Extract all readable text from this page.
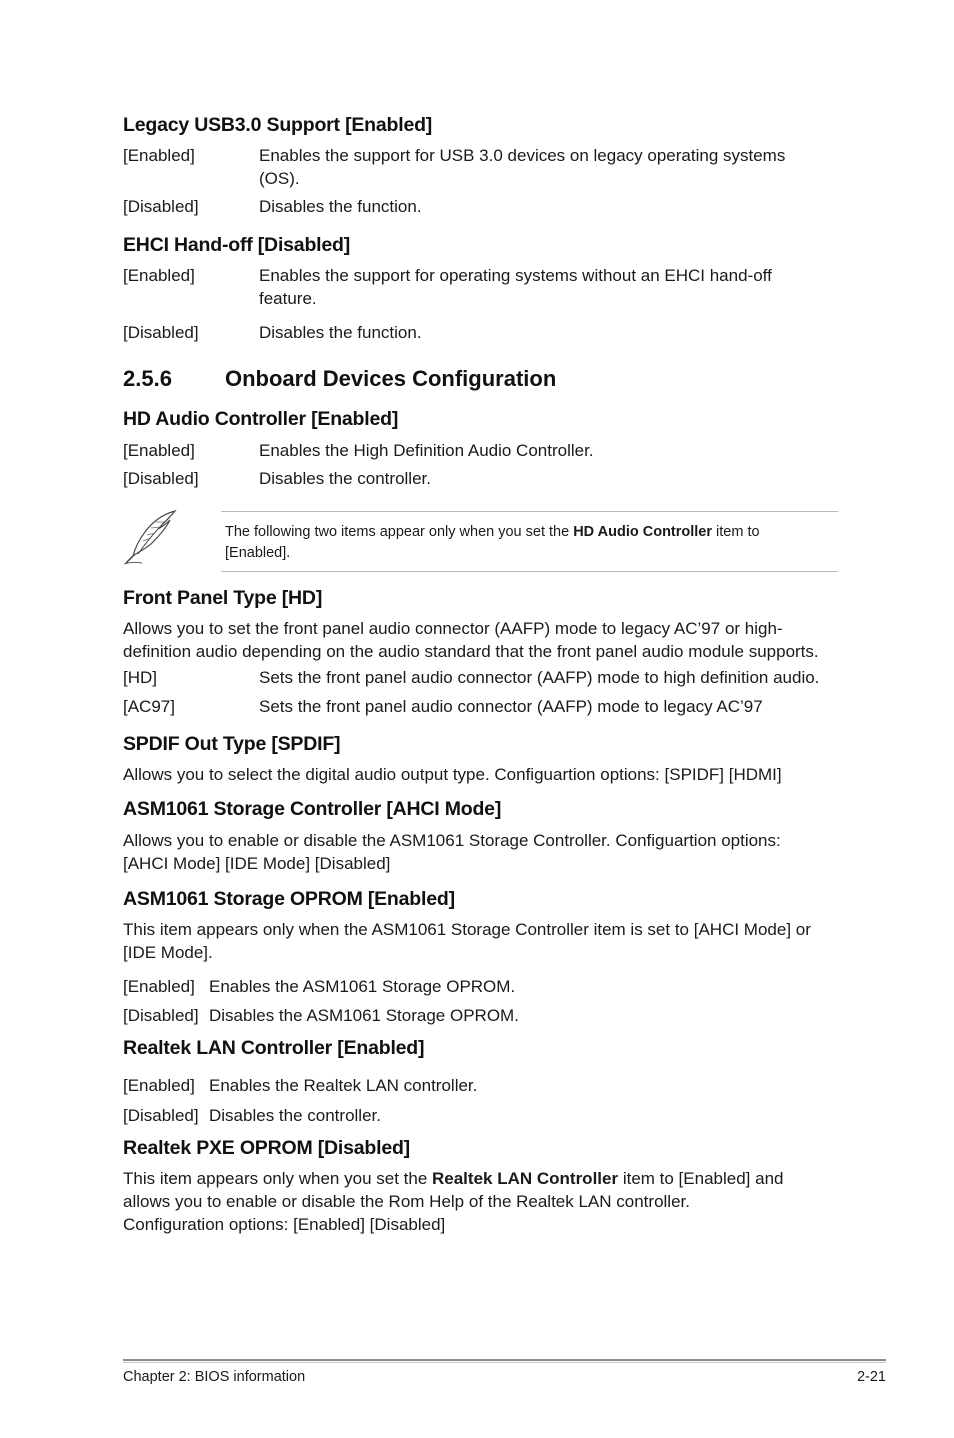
Legacy USB3.0 Support [Enabled]
[Enabled]	Enables the support for USB 3.0 devices on legacy operating systems
(OS).
[Disabled]	Disables the function.
EHCI Hand-off [Disabled]
[Enabled]	Enables the support for operating systems without an EHCI hand-off
feature.
[Disabled]	Disables the function.
2.5.6 Onboard Devices Configuration
HD Audio Controller [Enabled]
[Enabled]	Enables the High Definition Audio Controller.
[Disabled]	Disables the controller.
The following two items appear only when you set the HD Audio Controller item to
[Enabled].
Front Panel Type [HD]
Allows you to set the front panel audio connector (AAFP) mode to legacy AC’97 or high-
definition audio depending on the audio standard that the front panel audio module supports.
[HD]	Sets the front panel audio connector (AAFP) mode to high definition audio.
[AC97]	Sets the front panel audio connector (AAFP) mode to legacy AC’97
SPDIF Out Type [SPDIF]
Allows you to select the digital audio output type. Configuartion options: [SPIDF] [HDMI]
ASM1061 Storage Controller [AHCI Mode]
Allows you to enable or disable the ASM1061 Storage Controller. Configuartion options:
[AHCI Mode] [IDE Mode] [Disabled]
ASM1061 Storage OPROM [Enabled]
This item appears only when the ASM1061 Storage Controller item is set to [AHCI Mode] or
[IDE Mode].
[Enabled] Enables the ASM1061 Storage OPROM.
[Disabled] Disables the ASM1061 Storage OPROM.
Realtek LAN Controller [Enabled]
[Enabled] Enables the Realtek LAN controller.
[Disabled] Disables the controller.
Realtek PXE OPROM [Disabled]
This item appears only when you set the Realtek LAN Controller item to [Enabled] and
allows you to enable or disable the Rom Help of the Realtek LAN controller.
Configuration options: [Enabled] [Disabled]
Chapter 2: BIOS information	2-21
